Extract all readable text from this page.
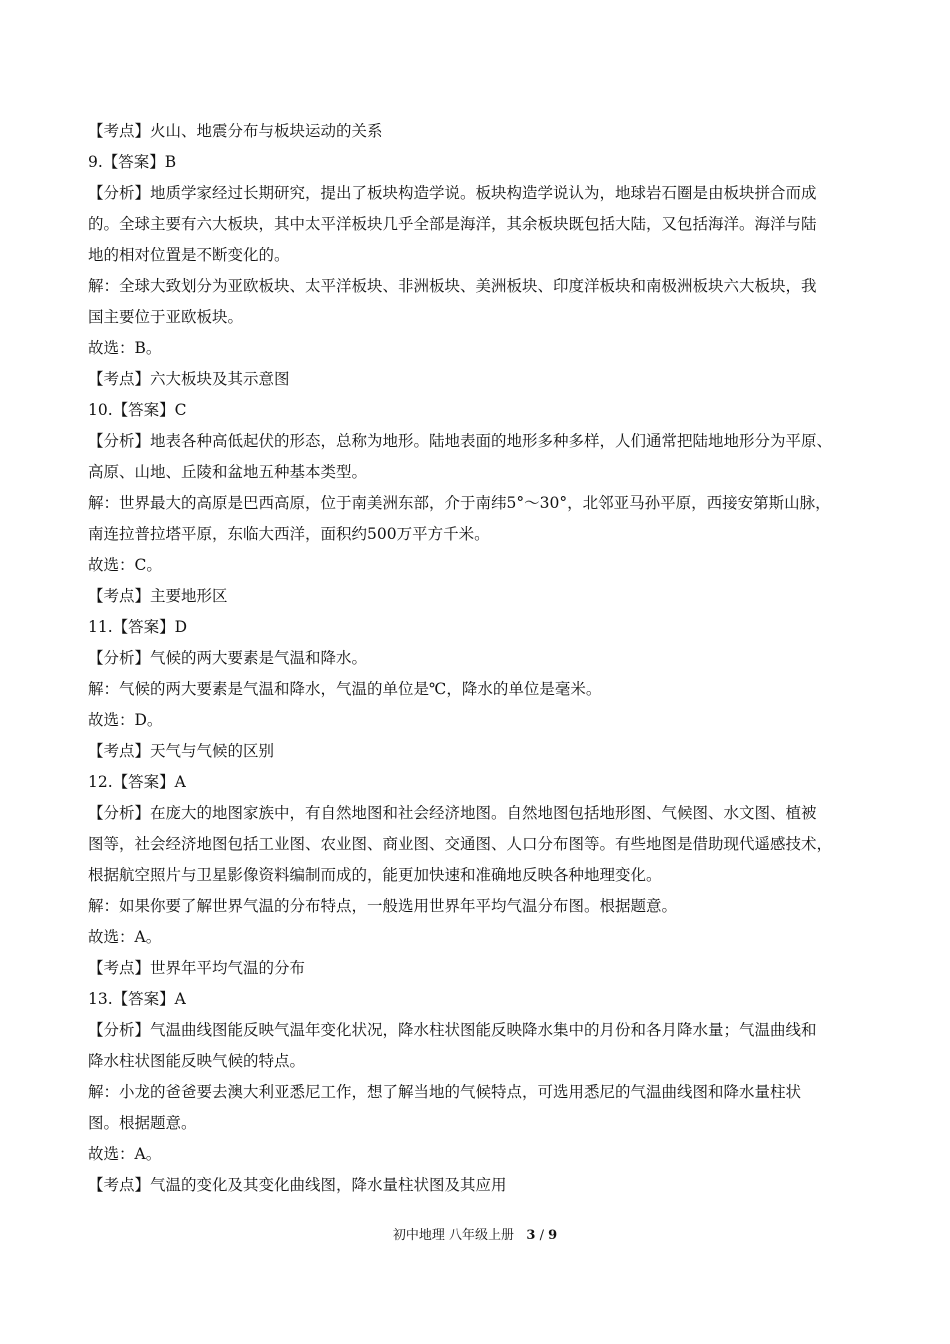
【考点】火山、地震分布与板块运动的关系
9.【答案】B
【分析】地质学家经过长期研究，提出了板块构造学说。板块构造学说认为，地球岩石圈是由板块拼合而成
的。全球主要有六大板块，其中太平洋板块几乎全部是海洋，其余板块既包括大陆，又包括海洋。海洋与陆
地的相对位置是不断变化的。
解：全球大致划分为亚欧板块、太平洋板块、非洲板块、美洲板块、印度洋板块和南极洲板块六大板块，我
国主要位于亚欧板块。
故选：B。
【考点】六大板块及其示意图
10.【答案】C
【分析】地表各种高低起伏的形态，总称为地形。陆地表面的地形多种多样，人们通常把陆地地形分为平原、
高原、山地、丘陵和盆地五种基本类型。
解：世界最大的高原是巴西高原，位于南美洲东部，介于南纬5°～30°，北邻亚马孙平原，西接安第斯山脉，
南连拉普拉塔平原，东临大西洋，面积约500万平方千米。
故选：C。
【考点】主要地形区
11.【答案】D
【分析】气候的两大要素是气温和降水。
解：气候的两大要素是气温和降水，气温的单位是℃，降水的单位是毫米。
故选：D。
【考点】天气与气候的区别
12.【答案】A
【分析】在庞大的地图家族中，有自然地图和社会经济地图。自然地图包括地形图、气候图、水文图、植被
图等，社会经济地图包括工业图、农业图、商业图、交通图、人口分布图等。有些地图是借助现代遥感技术，
根据航空照片与卫星影像资料编制而成的，能更加快速和准确地反映各种地理变化。
解：如果你要了解世界气温的分布特点，一般选用世界年平均气温分布图。根据题意。
故选：A。
【考点】世界年平均气温的分布
13.【答案】A
【分析】气温曲线图能反映气温年变化状况，降水柱状图能反映降水集中的月份和各月降水量；气温曲线和
降水柱状图能反映气候的特点。
解：小龙的爸爸要去澳大利亚悉尼工作，想了解当地的气候特点，可选用悉尼的气温曲线图和降水量柱状
图。根据题意。
故选：A。
【考点】气温的变化及其变化曲线图，降水量柱状图及其应用
初中地理 八年级上册 3 / 9
